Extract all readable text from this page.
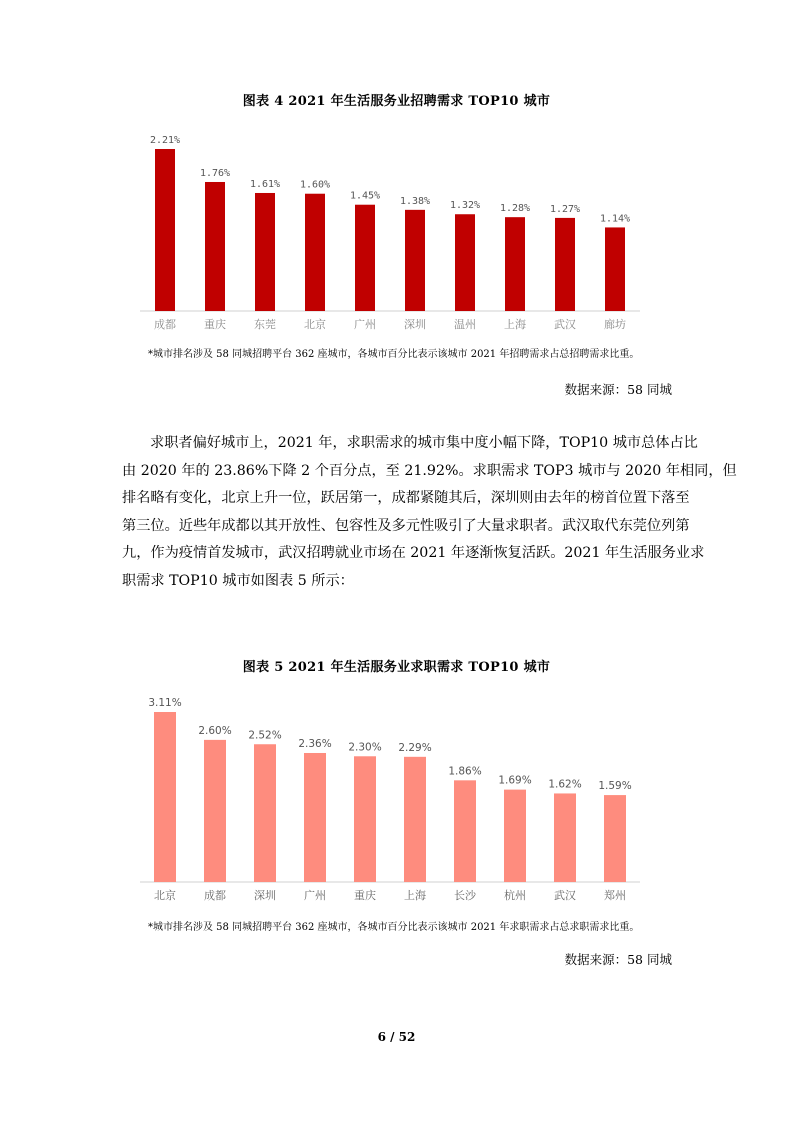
图表 4 2021 年生活服务业招聘需求 TOP10 城市
2.21%
成都
1.76%
重庆
1.61%
东莞
1.60%
北京
1.45%
广州
1.38%
深圳
1.32%
温州
1.28%
上海
1.27%
武汉
1.14%
廊坊
*城市排名涉及 58 同城招聘平台 362 座城市，各城市百分比表示该城市 2021 年招聘需求占总招聘需求比重。
数据来源：58 同城
求职者偏好城市上，2021 年，求职需求的城市集中度小幅下降，TOP10 城市总体占比
由 2020 年的 23.86%下降 2 个百分点，至 21.92%。求职需求 TOP3 城市与 2020 年相同，但
排名略有变化，北京上升一位，跃居第一，成都紧随其后，深圳则由去年的榜首位置下落至
第三位。近些年成都以其开放性、包容性及多元性吸引了大量求职者。武汉取代东莞位列第
九，作为疫情首发城市，武汉招聘就业市场在 2021 年逐渐恢复活跃。2021 年生活服务业求
职需求 TOP10 城市如图表 5 所示：
图表 5 2021 年生活服务业求职需求 TOP10 城市
3.11%
北京
2.60%
成都
2.52%
深圳
2.36%
广州
2.30%
重庆
2.29%
上海
1.86%
长沙
1.69%
杭州
1.62%
武汉
1.59%
郑州
*城市排名涉及 58 同城招聘平台 362 座城市，各城市百分比表示该城市 2021 年求职需求占总求职需求比重。
数据来源：58 同城
6 / 52
